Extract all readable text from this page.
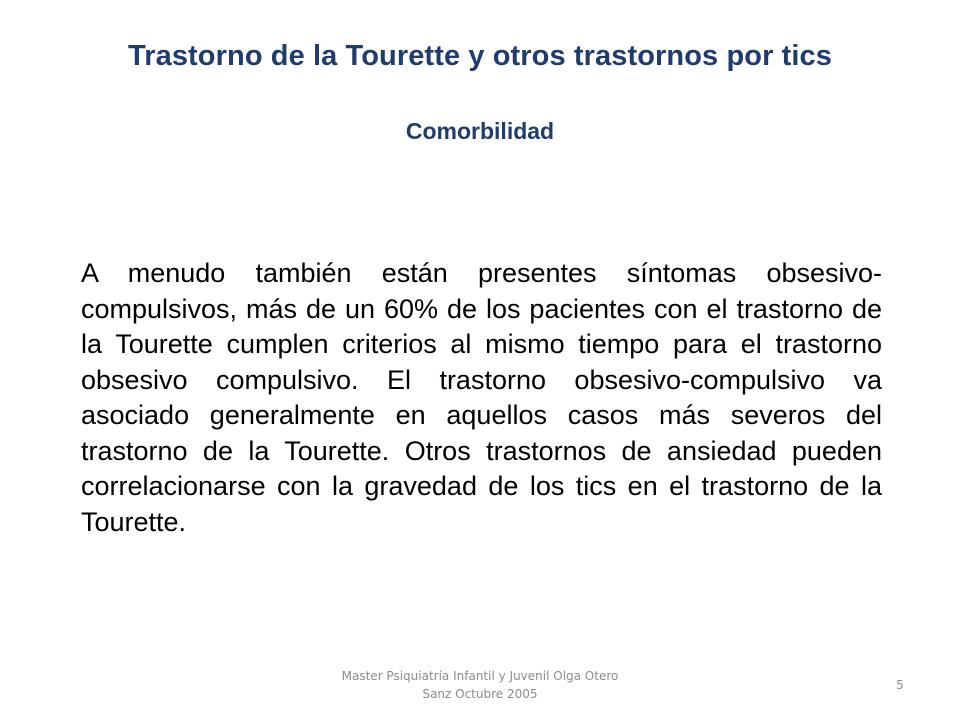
Trastorno de la Tourette y otros trastornos por tics
Comorbilidad

A menudo también están presentes síntomas obsesivo-compulsivos, más de un 60% de los pacientes con el trastorno de la Tourette cumplen criterios al mismo tiempo para el trastorno obsesivo compulsivo. El trastorno obsesivo-compulsivo va asociado generalmente en aquellos casos más severos del trastorno de la Tourette. Otros trastornos de ansiedad pueden correlacionarse con la gravedad de los tics en el trastorno de la Tourette.

Master Psiquiatría Infantil y Juvenil Olga Otero Sanz Octubre 2005
5
